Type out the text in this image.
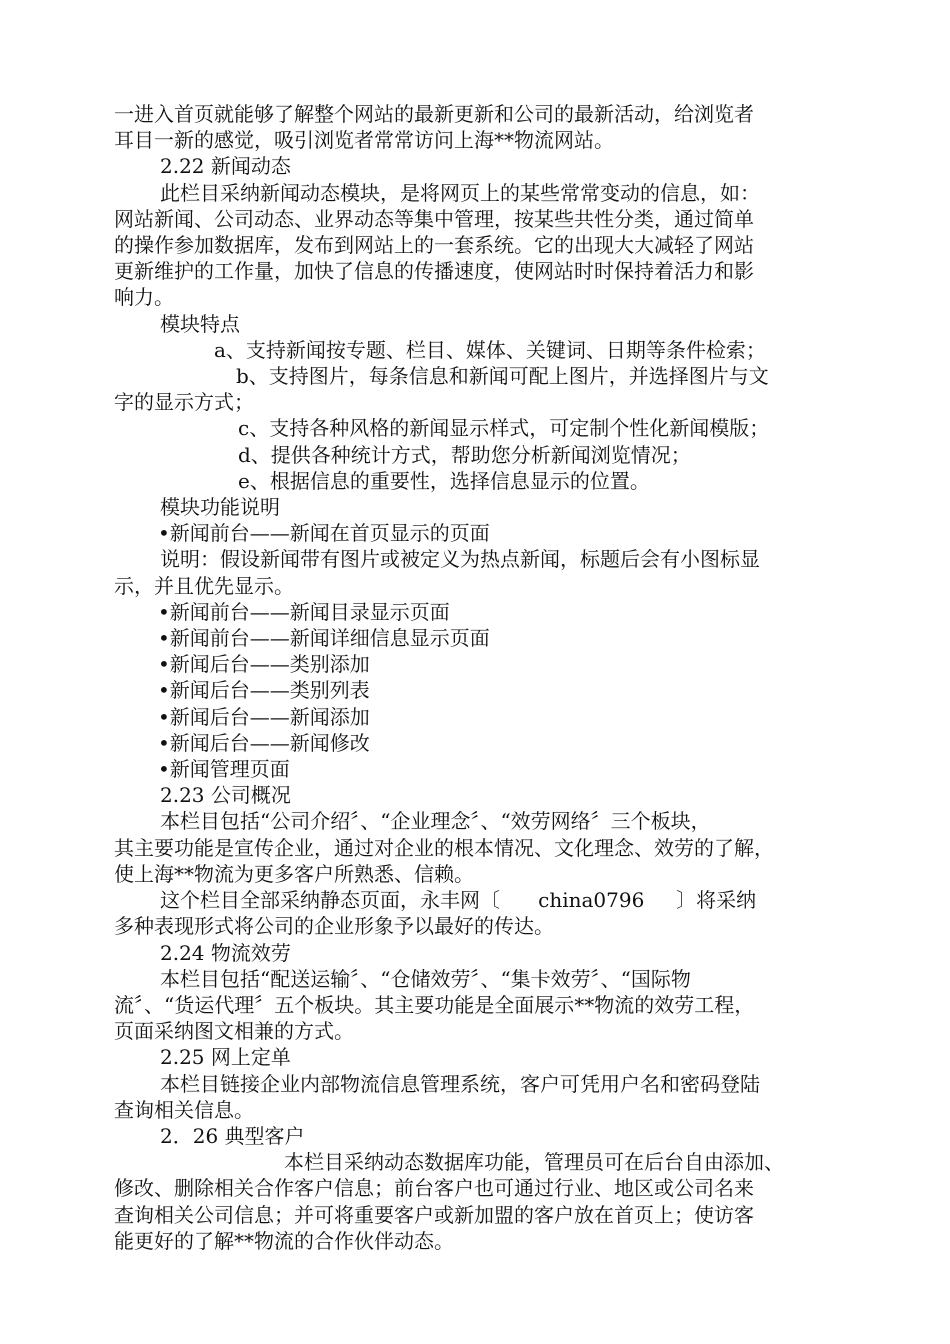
一进入首页就能够了解整个网站的最新更新和公司的最新活动，给浏览者

耳目一新的感觉，吸引浏览者常常访问上海**物流网站。

2.22 新闻动态

此栏目采纳新闻动态模块，是将网页上的某些常常变动的信息，如：

网站新闻、公司动态、业界动态等集中管理，按某些共性分类，通过简单

的操作参加数据库，发布到网站上的一套系统。它的出现大大减轻了网站

更新维护的工作量，加快了信息的传播速度，使网站时时保持着活力和影

响力。

模块特点

a、支持新闻按专题、栏目、媒体、关键词、日期等条件检索；

b、支持图片，每条信息和新闻可配上图片，并选择图片与文

字的显示方式；

c、支持各种风格的新闻显示样式，可定制个性化新闻模版；

d、提供各种统计方式，帮助您分析新闻浏览情况；

e、根据信息的重要性，选择信息显示的位置。

模块功能说明

•新闻前台——新闻在首页显示的页面

说明：假设新闻带有图片或被定义为热点新闻，标题后会有小图标显

示，并且优先显示。

•新闻前台——新闻目录显示页面

•新闻前台——新闻详细信息显示页面

•新闻后台——类别添加

•新闻后台——类别列表

•新闻后台——新闻添加

•新闻后台——新闻修改

•新闻管理页面

2.23 公司概况

本栏目包括“公司介绍〞、“企业理念〞、“效劳网络〞三个板块，

其主要功能是宣传企业，通过对企业的根本情况、文化理念、效劳的了解，

使上海**物流为更多客户所熟悉、信赖。

这个栏目全部采纳静态页面，永丰网〔      china0796     〕将采纳

多种表现形式将公司的企业形象予以最好的传达。

2.24 物流效劳

本栏目包括“配送运输〞、“仓储效劳〞、“集卡效劳〞、“国际物

流〞、“货运代理〞五个板块。其主要功能是全面展示**物流的效劳工程，

页面采纳图文相兼的方式。

2.25 网上定单

本栏目链接企业内部物流信息管理系统，客户可凭用户名和密码登陆

查询相关信息。

2．26 典型客户

本栏目采纳动态数据库功能，管理员可在后台自由添加、

修改、删除相关合作客户信息；前台客户也可通过行业、地区或公司名来

查询相关公司信息；并可将重要客户或新加盟的客户放在首页上；使访客

能更好的了解**物流的合作伙伴动态。
